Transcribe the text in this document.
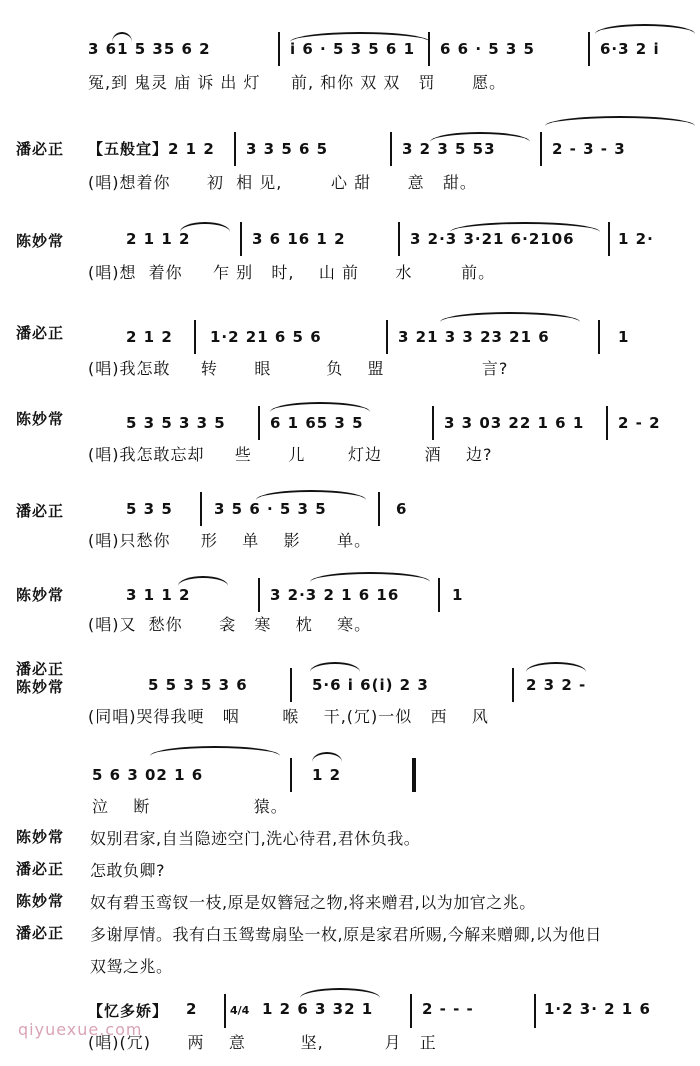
3 61 5 35 6 2	i 6 · 5 3 5 6 1 6 6 · 5 3 5	6·3 2 i
冤,到 鬼灵 庙 诉 出 灯     前, 和你 双 双   罚      愿。
潘必正 【五般宜】 2 1 2 3 3 5 6 5	3 2 3 5 53	2 - 3 - 3
(唱)想着你      初  相 见,        心 甜      意   甜。
陈妙常	2 1 1 2	3 6 16 1 2	3 2·3 3·21 6·2106	1 2·
(唱)想  着你     乍 别   时,    山 前      水        前。
潘必正	2 1 2 1·2 21 6 5 6	3 21 3 3 23 21 6	1
(唱)我怎敢     转      眼         负    盟                言?
陈妙常	5 3 5 3 3 5	6 1 65 3 5	3 3 03 22 1 6 1 2 - 2
(唱)我怎敢忘却     些      儿       灯边       酒    边?
潘必正	5 3 5	3 5 6 · 5 3 5	6
(唱)只愁你     形    单    影      单。
陈妙常	3 1 1 2	3 2·3 2 1 6 16	1
(唱)又  愁你      衾   寒    枕    寒。
潘必正
陈妙常	5 5 3 5 3 6	5·6 i 6(i) 2 3	2 3 2 -
(同唱)哭得我哽   咽       喉    干,(冗)一似   西    风
5 6 3 02 1 6	1 2
泣    断                 猿。
陈妙常 奴别君家,自当隐迹空门,洗心待君,君休负我。
潘必正 怎敢负卿?
陈妙常 奴有碧玉鸾钗一枝,原是奴簪冠之物,将来赠君,以为加官之兆。
潘必正 多谢厚情。我有白玉鸳鸯扇坠一枚,原是家君所赐,今解来赠卿,以为他日
双鸳之兆。
【忆多娇】 2	4/4 1 2 6 3 32 1	2 - - -	1·2 3· 2 1 6
(唱)(冗)      两    意         坚,          月   正
qiyuexue.com
